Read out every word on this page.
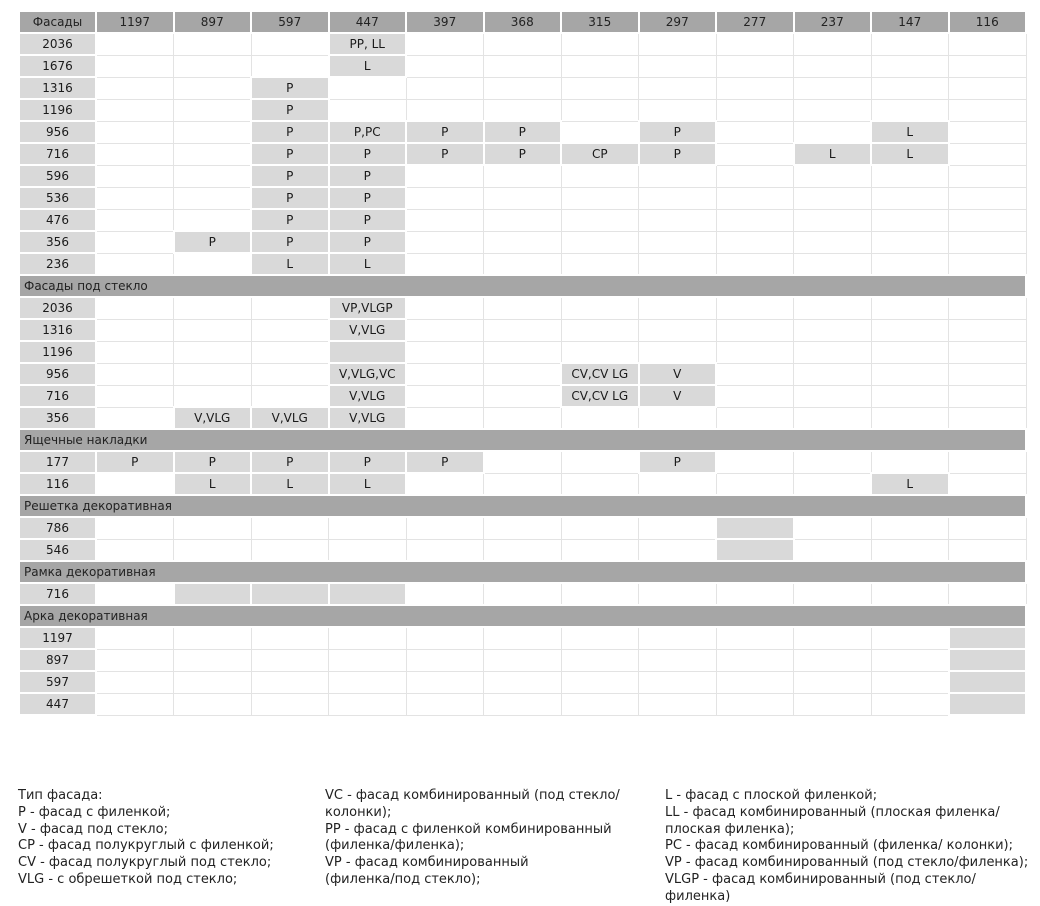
Фасады	1197	897	597	447	397	368	315	297	277	237	147	116
2036				PP, LL								
1676				L								
1316			P									
1196			P									
956			P	P,PC	P	P		P			L	
716			P	P	P	P	CP	P		L	L	
596			P	P								
536			P	P								
476			P	P								
356		P	P	P								
236			L	L								
Фасады под стекло												
2036				VP,VLGP								
1316				V,VLG								
1196												
956				V,VLG,VC			CV,CV LG	V				
716				V,VLG			CV,CV LG	V				
356		V,VLG	V,VLG	V,VLG								
Ящечные накладки												
177	P	P	P	P	P			P				
116		L	L	L							L	
Решетка декоративная												
786												
546												
Рамка декоративная												
716												
Арка декоративная												
1197												
897												
597												
447												
Тип фасада:
P - фасад с филенкой;
V - фасад под стекло;
CP - фасад полукруглый с филенкой;
CV - фасад полукруглый под стекло;
VLG - с обрешеткой под стекло;
VC - фасад комбинированный (под стекло/
колонки);
PP - фасад с филенкой комбинированный
(филенка/филенка);
VP - фасад комбинированный
(филенка/под стекло);
L - фасад с плоской филенкой;
LL - фасад комбинированный (плоская филенка/
плоская филенка);
PC - фасад комбинированный (филенка/ колонки);
VP - фасад комбинированный (под стекло/филенка);
VLGP - фасад комбинированный (под стекло/филенка)
